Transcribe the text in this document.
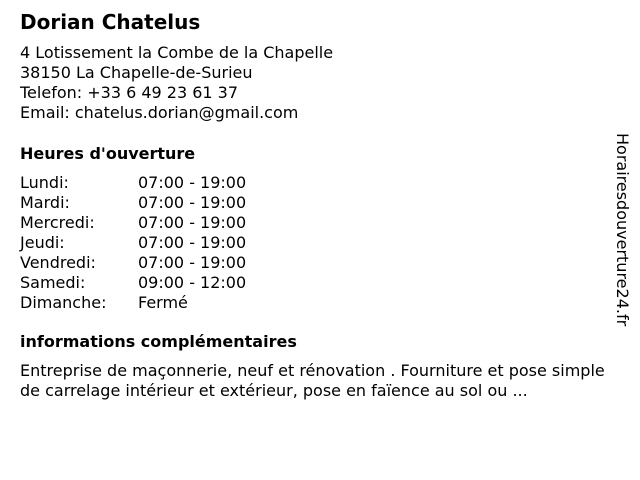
Dorian Chatelus
4 Lotissement la Combe de la Chapelle
38150 La Chapelle-de-Surieu
Telefon: +33 6 49 23 61 37
Email: chatelus.dorian@gmail.com
Heures d'ouverture
Lundi:	07:00 - 19:00
Mardi:	07:00 - 19:00
Mercredi:	07:00 - 19:00
Jeudi:	07:00 - 19:00
Vendredi:	07:00 - 19:00
Samedi:	09:00 - 12:00
Dimanche:	Fermé
informations complémentaires
Entreprise de maçonnerie, neuf et rénovation . Fourniture et pose simple de carrelage intérieur et extérieur, pose en faïence au sol ou ...
Horairesdouverture24.fr
